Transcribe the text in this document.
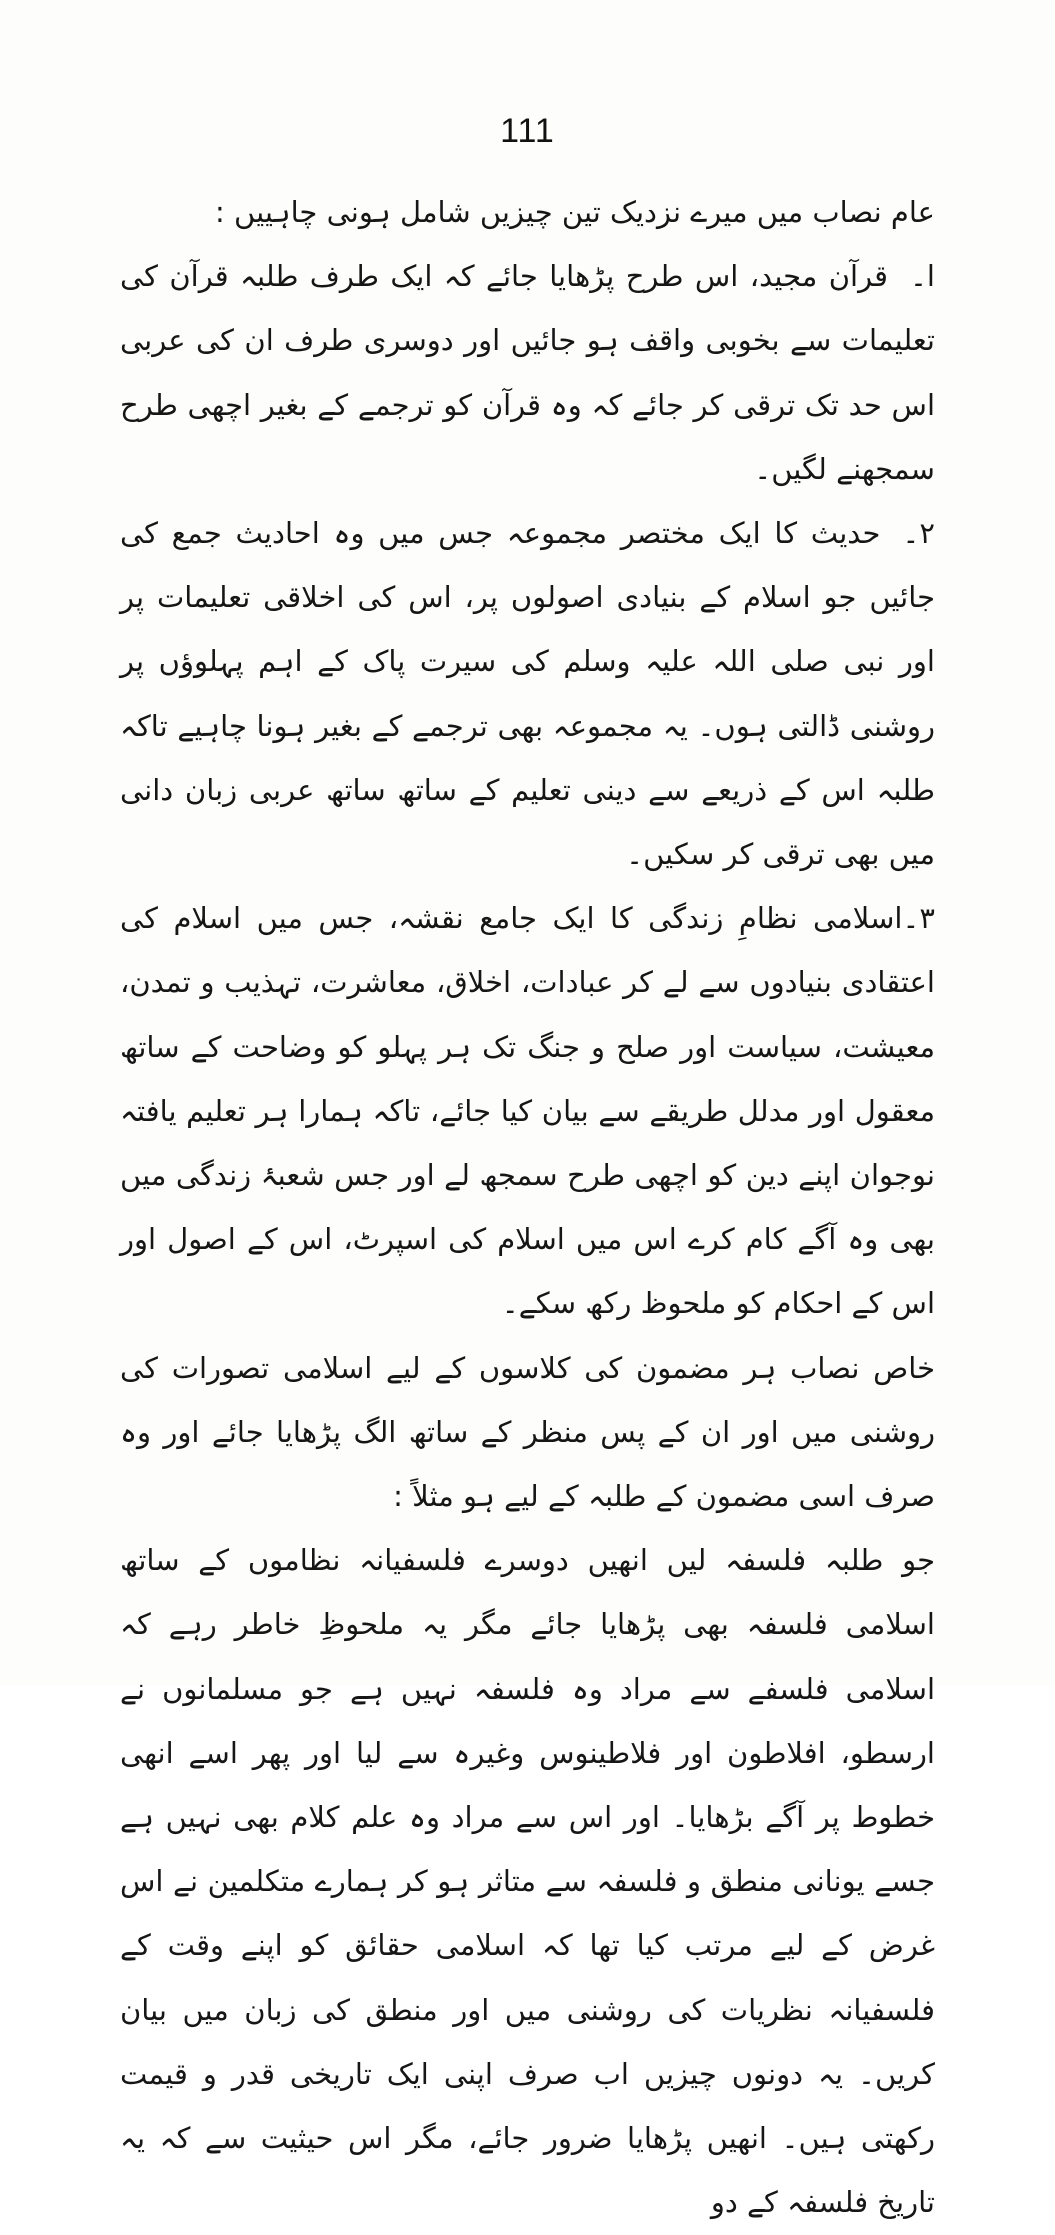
111

عام نصاب میں میرے نزدیک تین چیزیں شامل ہونی چاہییں :

ا۔قرآن مجید، اس طرح پڑھایا جائے کہ ایک طرف طلبہ قرآن کی تعلیمات سے بخوبی واقف ہو جائیں اور دوسری طرف ان کی عربی اس حد تک ترقی کر جائے کہ وہ قرآن کو ترجمے کے بغیر اچھی طرح سمجھنے لگیں۔

۲۔حدیث کا ایک مختصر مجموعہ جس میں وہ احادیث جمع کی جائیں جو اسلام کے بنیادی اصولوں پر، اس کی اخلاقی تعلیمات پر اور نبی صلی اللہ علیہ وسلم کی سیرت پاک کے اہم پہلوؤں پر روشنی ڈالتی ہوں۔ یہ مجموعہ بھی ترجمے کے بغیر ہونا چاہیے تاکہ طلبہ اس کے ذریعے سے دینی تعلیم کے ساتھ ساتھ عربی زبان دانی میں بھی ترقی کر سکیں۔

۳۔اسلامی نظامِ زندگی کا ایک جامع نقشہ، جس میں اسلام کی اعتقادی بنیادوں سے لے کر عبادات، اخلاق، معاشرت، تہذیب و تمدن، معیشت، سیاست اور صلح و جنگ تک ہر پہلو کو وضاحت کے ساتھ معقول اور مدلل طریقے سے بیان کیا جائے، تاکہ ہمارا ہر تعلیم یافتہ نوجوان اپنے دین کو اچھی طرح سمجھ لے اور جس شعبۂ زندگی میں بھی وہ آگے کام کرے اس میں اسلام کی اسپرٹ، اس کے اصول اور اس کے احکام کو ملحوظ رکھ سکے۔

خاص نصاب ہر مضمون کی کلاسوں کے لیے اسلامی تصورات کی روشنی میں اور ان کے پس منظر کے ساتھ الگ پڑھایا جائے اور وہ صرف اسی مضمون کے طلبہ کے لیے ہو مثلاً :

جو طلبہ فلسفہ لیں انھیں دوسرے فلسفیانہ نظاموں کے ساتھ اسلامی فلسفہ بھی پڑھایا جائے مگر یہ ملحوظِ خاطر رہے کہ اسلامی فلسفے سے مراد وہ فلسفہ نہیں ہے جو مسلمانوں نے ارسطو، افلاطون اور فلاطینوس وغیرہ سے لیا اور پھر اسے انھی خطوط پر آگے بڑھایا۔ اور اس سے مراد وہ علم کلام بھی نہیں ہے جسے یونانی منطق و فلسفہ سے متاثر ہو کر ہمارے متکلمین نے اس غرض کے لیے مرتب کیا تھا کہ اسلامی حقائق کو اپنے وقت کے فلسفیانہ نظریات کی روشنی میں اور منطق کی زبان میں بیان کریں۔ یہ دونوں چیزیں اب صرف اپنی ایک تاریخی قدر و قیمت رکھتی ہیں۔ انھیں پڑھایا ضرور جائے، مگر اس حیثیت سے کہ یہ تاریخ فلسفہ کے دو
